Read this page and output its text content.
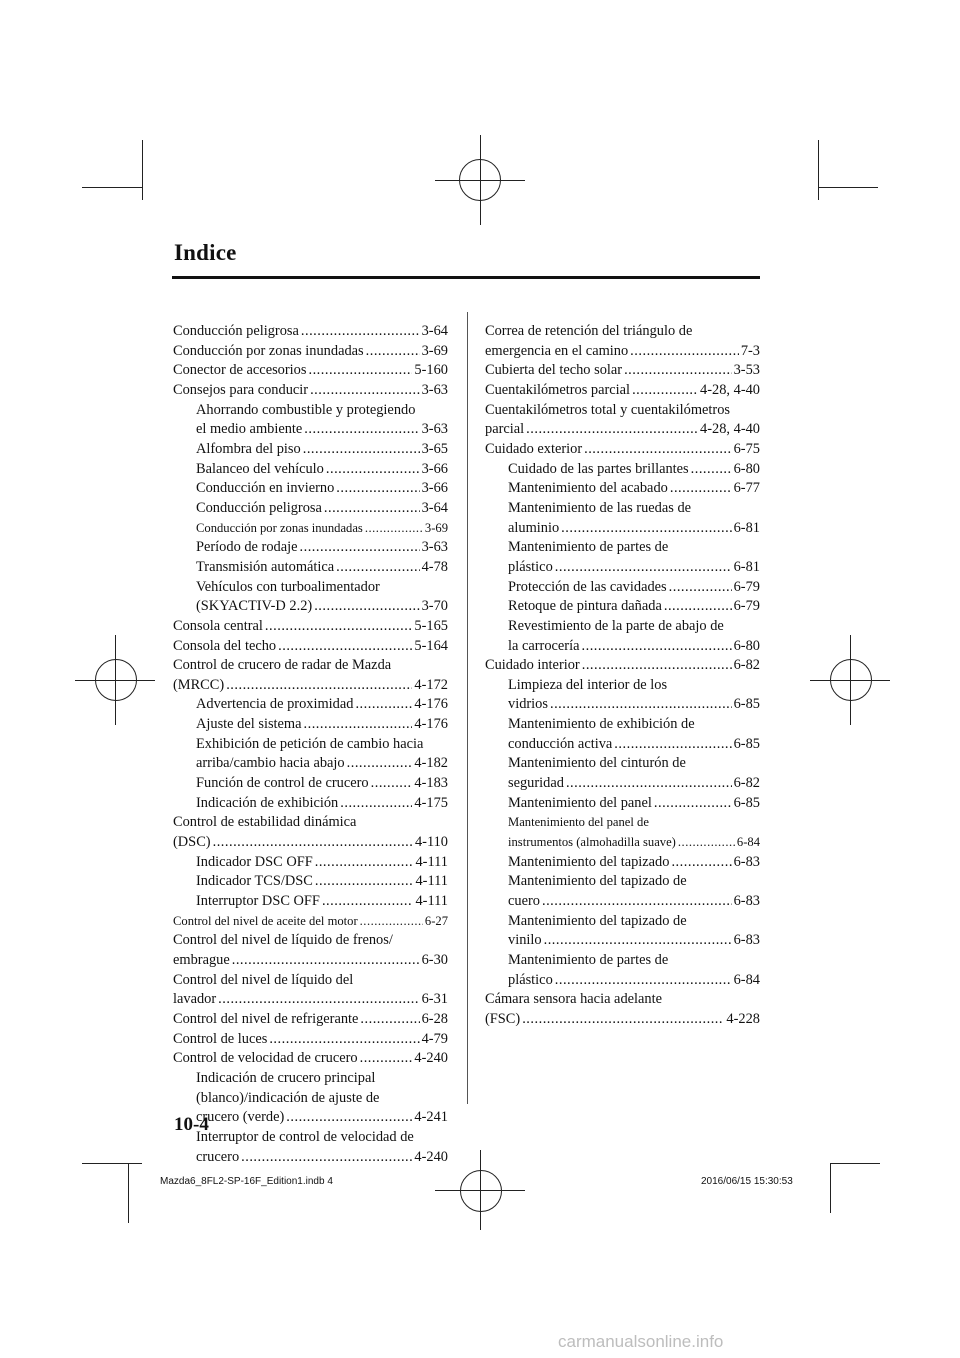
Indice
Conducción peligrosa .....	3-64
Conducción por zonas inundadas .....	3-69
Conector de accesorios .....	5-160
Consejos para conducir .....	3-63
Ahorrando combustible y protegiendo
el medio ambiente .....	3-63
Alfombra del piso .....	3-65
Balanceo del vehículo .....	3-66
Conducción en invierno .....	3-66
Conducción peligrosa .....	3-64
Conducción por zonas inundadas .....	3-69
Período de rodaje .....	3-63
Transmisión automática .....	4-78
Vehículos con turboalimentador
(SKYACTIV-D 2.2) .....	3-70
Consola central .....	5-165
Consola del techo .....	5-164
Control de crucero de radar de Mazda
(MRCC) .....	4-172
Advertencia de proximidad .....	4-176
Ajuste del sistema .....	4-176
Exhibición de petición de cambio hacia
arriba/cambio hacia abajo .....	4-182
Función de control de crucero .....	4-183
Indicación de exhibición .....	4-175
Control de estabilidad dinámica
(DSC) .....	4-110
Indicador DSC OFF .....	4-111
Indicador TCS/DSC .....	4-111
Interruptor DSC OFF .....	4-111
Control del nivel de aceite del motor .....	6-27
Control del nivel de líquido de frenos/
embrague .....	6-30
Control del nivel de líquido del
lavador .....	6-31
Control del nivel de refrigerante .....	6-28
Control de luces .....	4-79
Control de velocidad de crucero .....	4-240
Indicación de crucero principal
(blanco)/indicación de ajuste de
crucero (verde) .....	4-241
Interruptor de control de velocidad de
crucero .....	4-240
Correa de retención del triángulo de
emergencia en el camino .....	7-3
Cubierta del techo solar .....	3-53
Cuentakilómetros parcial .....	4-28, 4-40
Cuentakilómetros total y cuentakilómetros
parcial .....	4-28, 4-40
Cuidado exterior .....	6-75
Cuidado de las partes brillantes .....	6-80
Mantenimiento del acabado .....	6-77
Mantenimiento de las ruedas de
aluminio .....	6-81
Mantenimiento de partes de
plástico .....	6-81
Protección de las cavidades .....	6-79
Retoque de pintura dañada .....	6-79
Revestimiento de la parte de abajo de
la carrocería .....	6-80
Cuidado interior .....	6-82
Limpieza del interior de los
vidrios .....	6-85
Mantenimiento de exhibición de
conducción activa .....	6-85
Mantenimiento del cinturón de
seguridad .....	6-82
Mantenimiento del panel .....	6-85
Mantenimiento del panel de
instrumentos (almohadilla suave) .....	6-84
Mantenimiento del tapizado .....	6-83
Mantenimiento del tapizado de
cuero .....	6-83
Mantenimiento del tapizado de
vinilo .....	6-83
Mantenimiento de partes de
plástico .....	6-84
Cámara sensora hacia adelante
(FSC) .....	4-228
10-4
Mazda6_8FL2-SP-16F_Edition1.indb 4	2016/06/15 15:30:53
carmanualsonline.info
